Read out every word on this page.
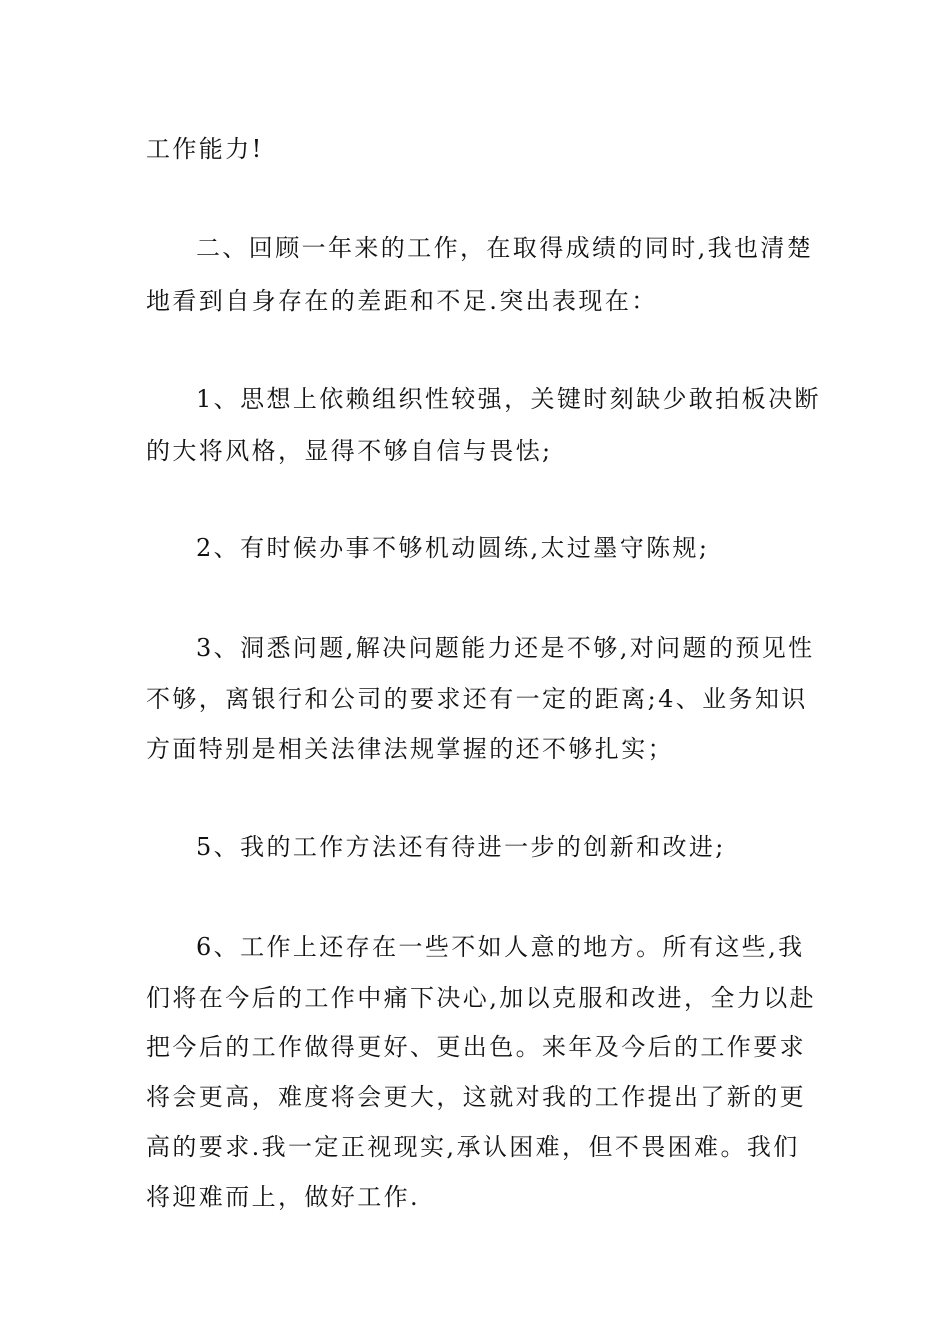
工作能力!
二、回顾一年来的工作，在取得成绩的同时,我也清楚
地看到自身存在的差距和不足.突出表现在：
1、思想上依赖组织性较强，关键时刻缺少敢拍板决断
的大将风格，显得不够自信与畏怯;
2、有时候办事不够机动圆练,太过墨守陈规;
3、洞悉问题,解决问题能力还是不够,对问题的预见性
不够，离银行和公司的要求还有一定的距离;4、业务知识
方面特别是相关法律法规掌握的还不够扎实；
5、我的工作方法还有待进一步的创新和改进;
6、工作上还存在一些不如人意的地方。所有这些,我
们将在今后的工作中痛下决心,加以克服和改进，全力以赴
把今后的工作做得更好、更出色。来年及今后的工作要求
将会更高，难度将会更大，这就对我的工作提出了新的更
高的要求.我一定正视现实,承认困难，但不畏困难。我们
将迎难而上，做好工作.
